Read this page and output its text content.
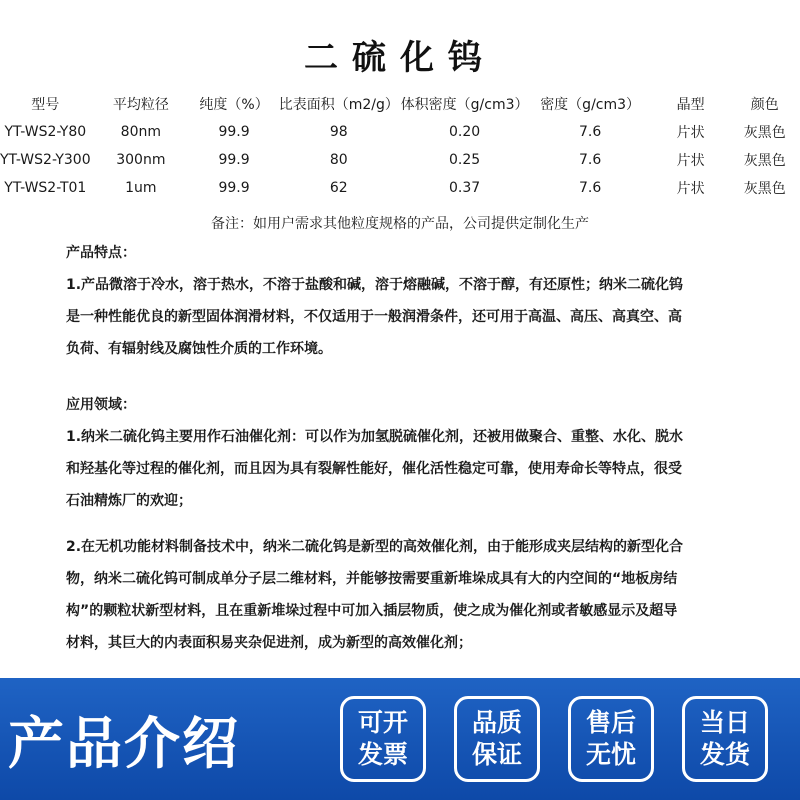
二硫化钨
型号	平均粒径	纯度（%）	比表面积（m2/g）	体积密度（g/cm3）	密度（g/cm3）	晶型	颜色
YT-WS2-Y80	80nm	99.9	98	0.20	7.6	片状	灰黑色
YT-WS2-Y300	300nm	99.9	80	0.25	7.6	片状	灰黑色
YT-WS2-T01	1um	99.9	62	0.37	7.6	片状	灰黑色
备注：如用户需求其他粒度规格的产品，公司提供定制化生产

产品特点：

1.产品微溶于冷水，溶于热水，不溶于盐酸和碱，溶于熔融碱，不溶于醇，有还原性；纳米二硫化钨

是一种性能优良的新型固体润滑材料，不仅适用于一般润滑条件，还可用于高温、高压、高真空、高

负荷、有辐射线及腐蚀性介质的工作环境。

应用领域：

1.纳米二硫化钨主要用作石油催化剂：可以作为加氢脱硫催化剂，还被用做聚合、重整、水化、脱水

和羟基化等过程的催化剂，而且因为具有裂解性能好，催化活性稳定可靠，使用寿命长等特点，很受

石油精炼厂的欢迎；

2.在无机功能材料制备技术中，纳米二硫化钨是新型的高效催化剂，由于能形成夹层结构的新型化合

物，纳米二硫化钨可制成单分子层二维材料，并能够按需要重新堆垛成具有大的内空间的“地板房结

构”的颗粒状新型材料，且在重新堆垛过程中可加入插层物质，使之成为催化剂或者敏感显示及超导

材料，其巨大的内表面积易夹杂促进剂，成为新型的高效催化剂；

产品介绍	可开
发票
品质
保证
售后
无忧
当日
发货
